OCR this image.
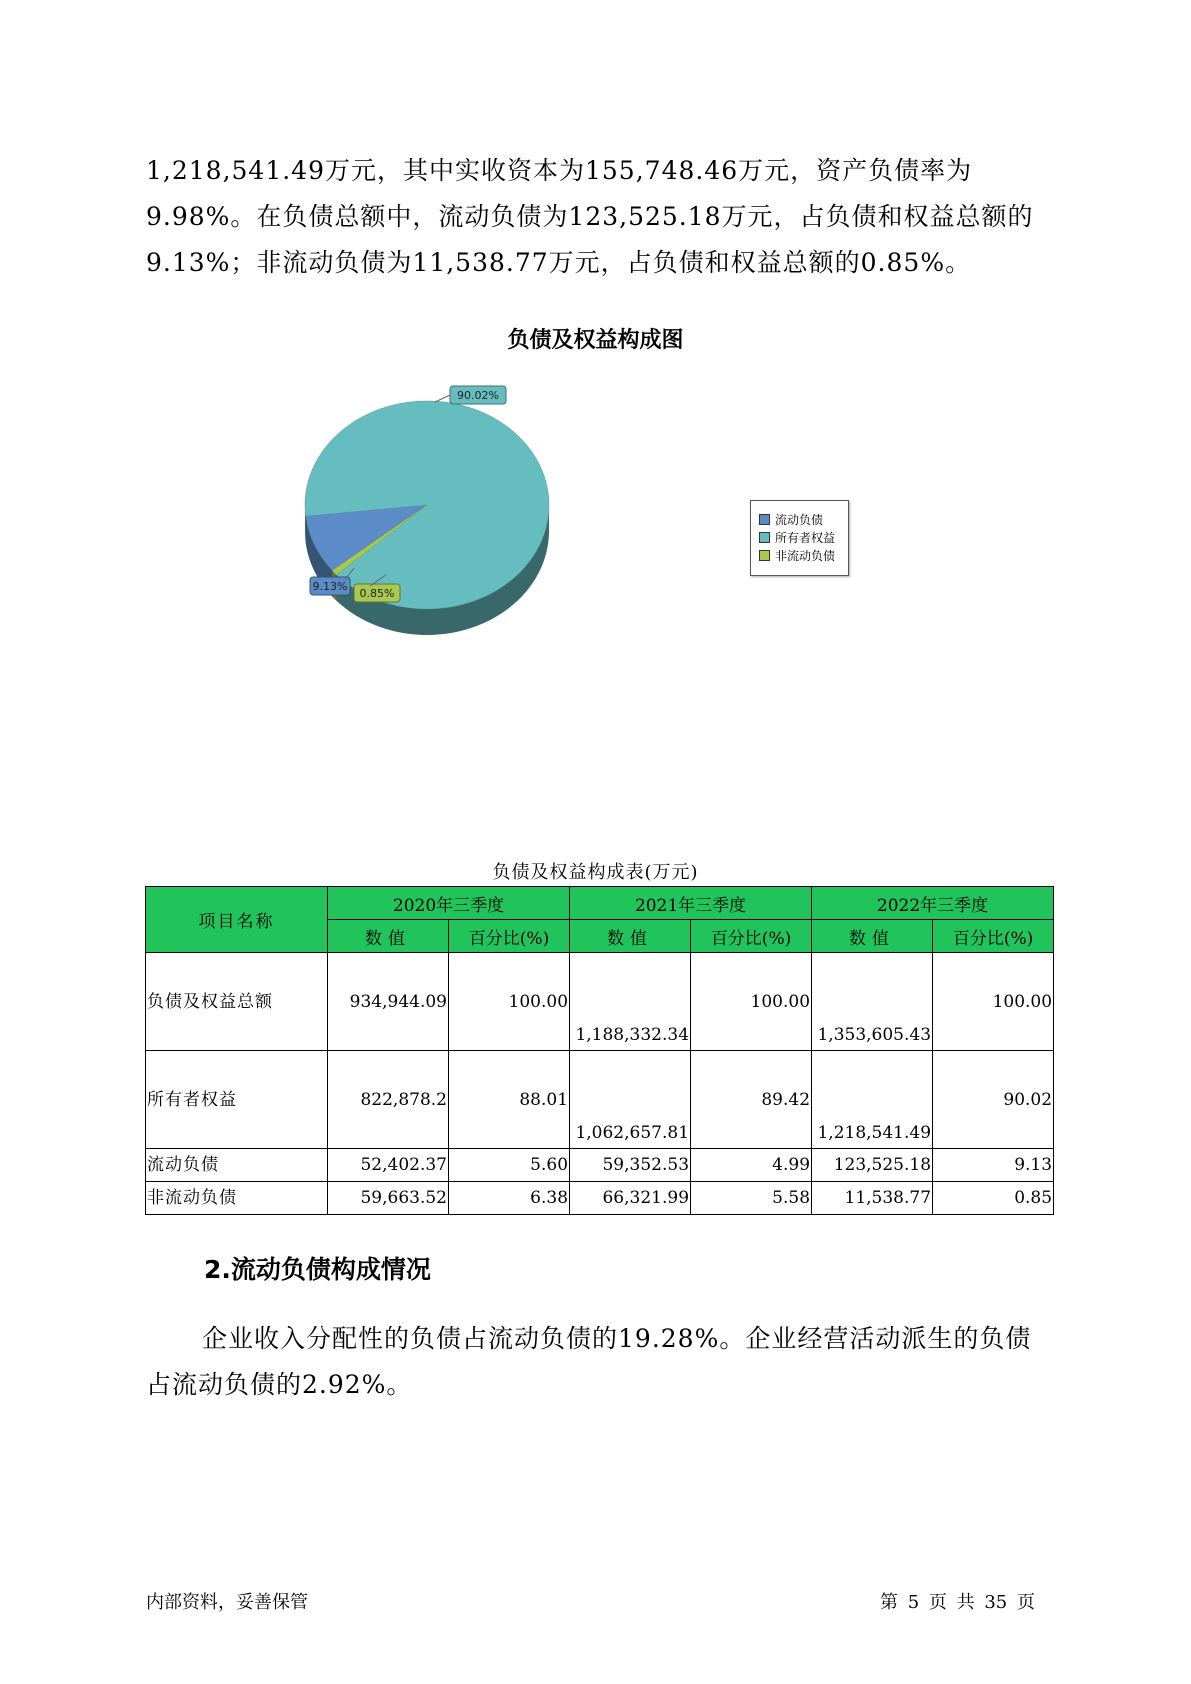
1,218,541.49万元，其中实收资本为155,748.46万元，资产负债率为

9.98%。在负债总额中，流动负债为123,525.18万元，占负债和权益总额的

9.13%；非流动负债为11,538.77万元，占负债和权益总额的0.85%。

负债及权益构成图
9.13%
90.02%
0.85%
流动负债
所有者权益
非流动负债
负债及权益构成表(万元)
项目名称	2020年三季度		2021年三季度		2022年三季度	
	数值	百分比(%)	数值	百分比(%)	数值	百分比(%)
负债及权益总额	934,944.09	100.00	1,188,332.34	100.00	1,353,605.43	100.00
所有者权益	822,878.2	88.01	1,062,657.81	89.42	1,218,541.49	90.02
流动负债	52,402.37	5.60	59,352.53	4.99	123,525.18	9.13
非流动负债	59,663.52	6.38	66,321.99	5.58	11,538.77	0.85
2.流动负债构成情况

企业收入分配性的负债占流动负债的19.28%。企业经营活动派生的负债占流动负债的2.92%。

内部资料，妥善保管	第 5 页 共 35 页
